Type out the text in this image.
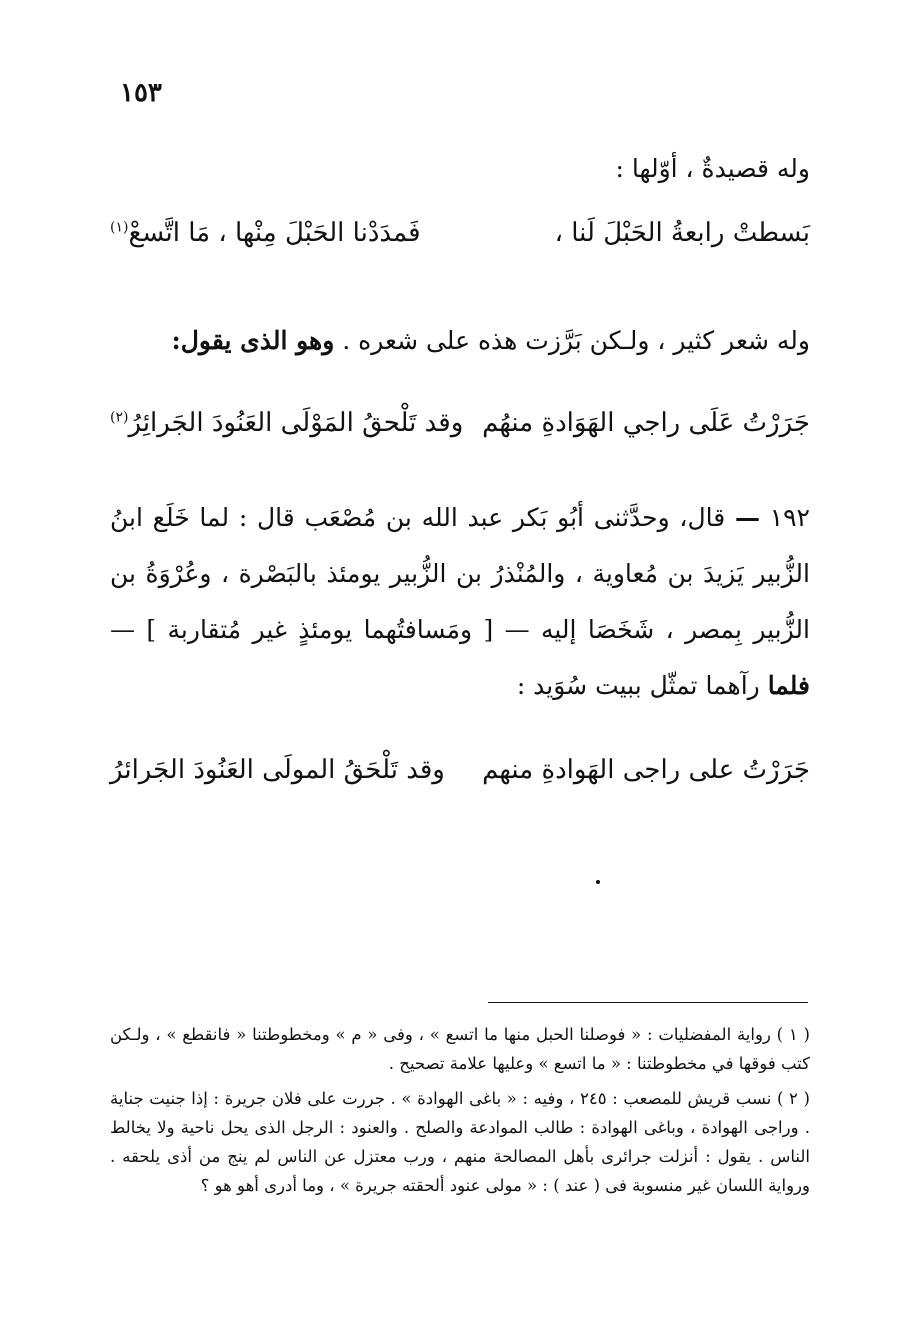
١٥٣
وله قصيدةٌ ، أوّلها :
بَسطتْ رابعةُ الحَبْلَ لَنا ،
فَمدَدْنا الحَبْلَ مِنْها ، مَا اتَّسعْ$^{(١)}$
وله شعر كثير ، ولـكن بَرَّزت هذه على شعره . وهو الذى يقول:
جَرَرْتُ عَلَى راجي الهَوَادةِ منهُم
وقد تَلْحقُ المَوْلَى العَنُودَ الجَرائِرُ$^{(٢)}$
١٩٢ — قال، وحدَّثنى أبُو بَكر عبد الله بن مُصْعَب قال : لما خَلَع ابنُ الزُّبير يَزيدَ بن مُعاوية ، والمُنْذرُ بن الزُّبير يومئذ بالبَصْرة ، وعُرْوَةُ بن الزُّبير بِمصر ، شَخَصَا إليه — [ ومَسافتُهما يومئذٍ غير مُتقاربة ] — فلما رآهما تمثّل ببيت سُوَيد :
جَرَرْتُ على راجى الهَوادةِ منهم
وقد تَلْحَقُ المولَى العَنُودَ الجَرائرُ

( ١ ) رواية المفضليات : « فوصلنا الحبل منها ما اتسع » ، وفى « م » ومخطوطتنا « فانقطع » ، ولـكن كتب فوقها في مخطوطتنا : « ما اتسع » وعليها علامة تصحيح .

( ٢ ) نسب قريش للمصعب : ٢٤٥ ، وفيه : « باغى الهوادة » . جررت على فلان جريرة : إذا جنيت جناية . وراجى الهوادة ، وباغى الهوادة : طالب الموادعة والصلح . والعنود : الرجل الذى يحل ناحية ولا يخالط الناس . يقول : أنزلت جرائرى بأهل المصالحة منهم ، ورب معتزل عن الناس لم ينج من أذى يلحقه . ورواية اللسان غير منسوبة فى ( عند ) : « مولى عنود ألحقته جريرة » ، وما أدرى أهو هو ؟
